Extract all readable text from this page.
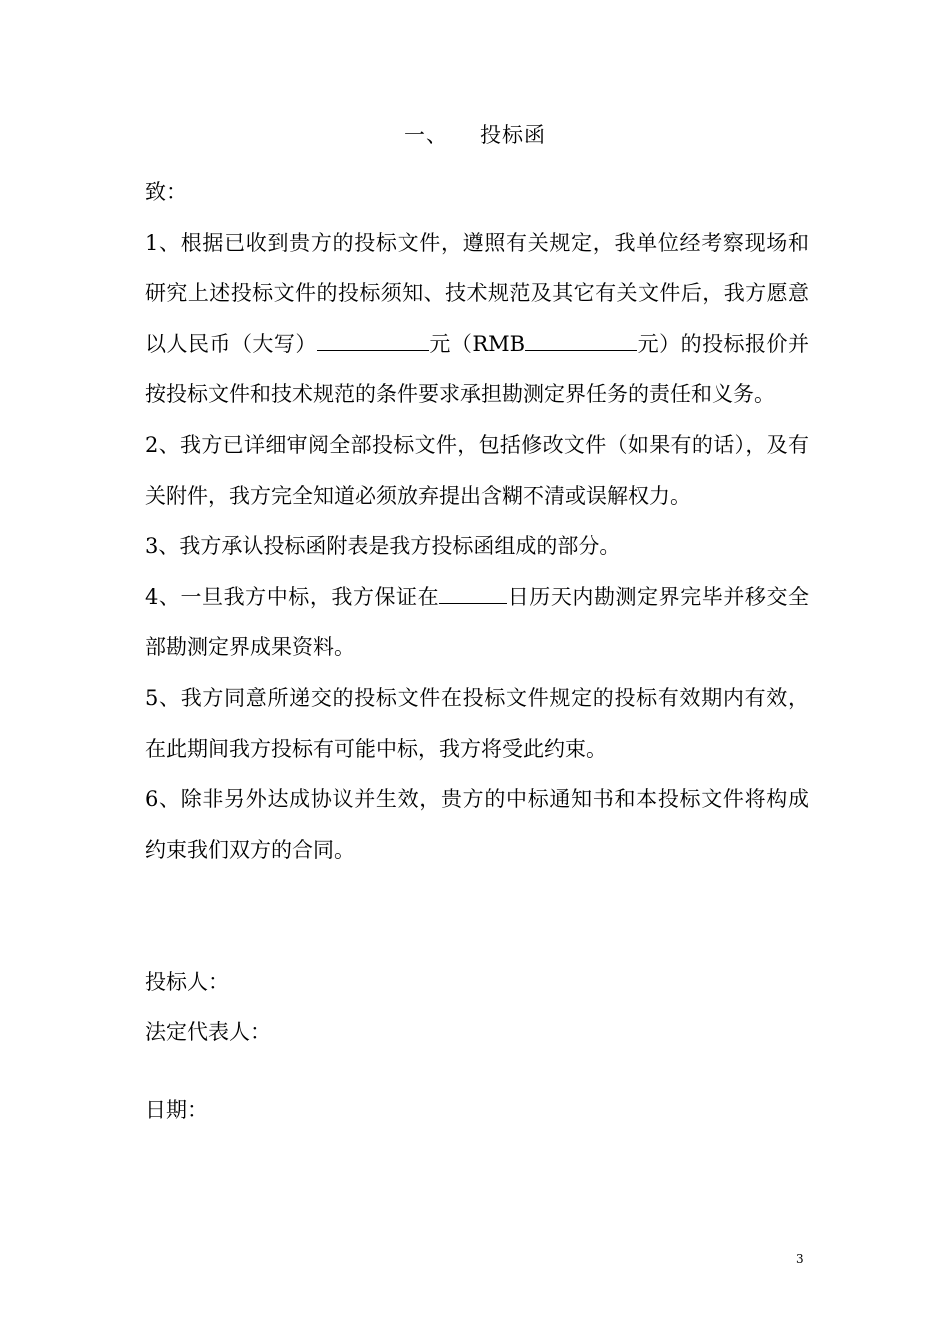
一、 投标函

致：

1、根据已收到贵方的投标文件，遵照有关规定，我单位经考察现场和研究上述投标文件的投标须知、技术规范及其它有关文件后，我方愿意以人民币（大写）	元（RMB	元）的投标报价并按投标文件和技术规范的条件要求承担勘测定界任务的责任和义务。

2、我方已详细审阅全部投标文件，包括修改文件（如果有的话），及有关附件，我方完全知道必须放弃提出含糊不清或误解权力。

3、我方承认投标函附表是我方投标函组成的部分。

4、一旦我方中标，我方保证在	日历天内勘测定界完毕并移交全部勘测定界成果资料。

5、我方同意所递交的投标文件在投标文件规定的投标有效期内有效，在此期间我方投标有可能中标，我方将受此约束。

6、除非另外达成协议并生效，贵方的中标通知书和本投标文件将构成约束我们双方的合同。

投标人：
法定代表人：
日期：
3
